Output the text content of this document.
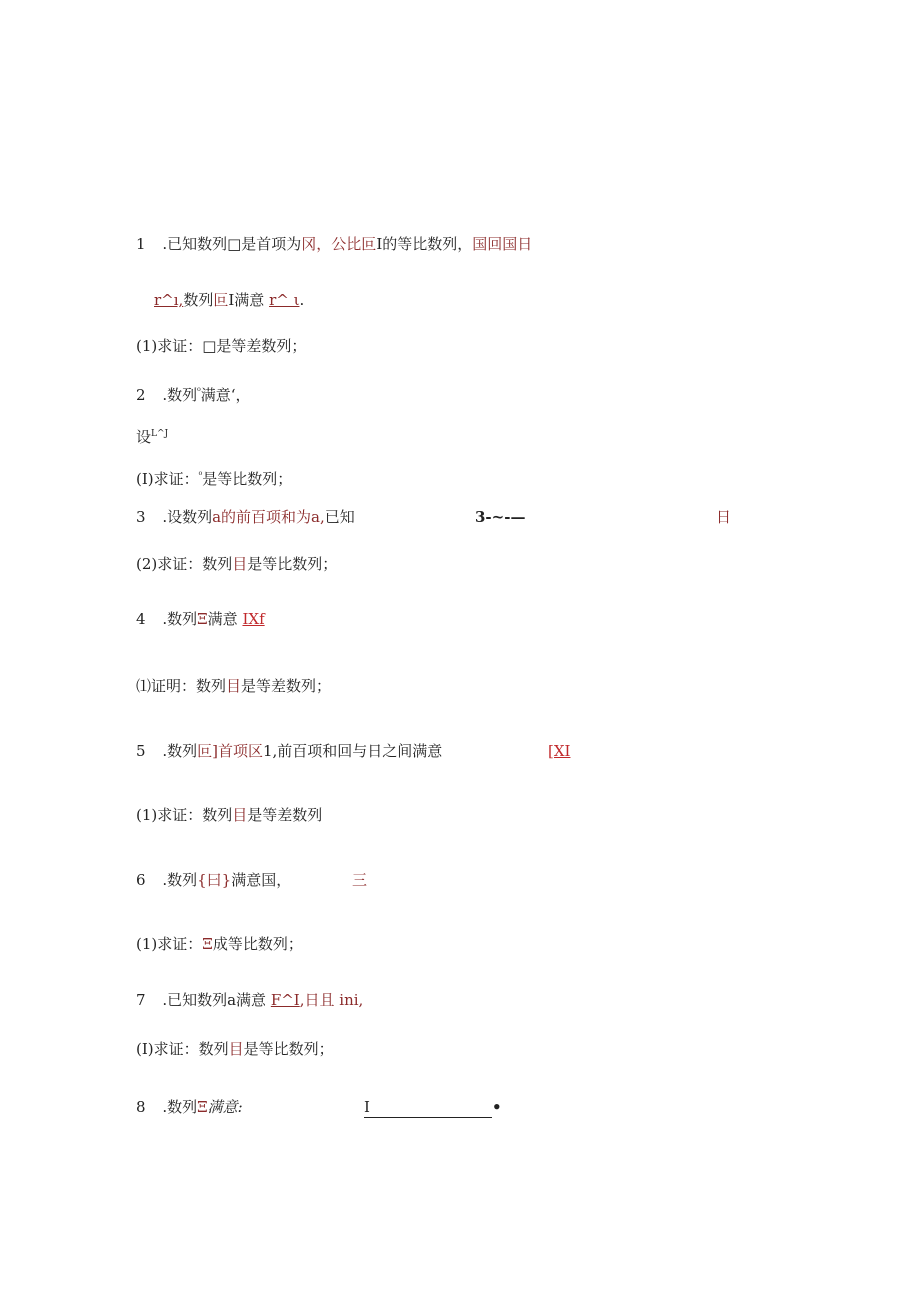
1 .已知数列□是首项为冈，公比叵I的等比数列，国回国日
r^ı,数列叵I满意 r^ ι.
(1)求证：□是等差数列；
2 .数列$^{^0}$满意‘，
设$^{L\^{}J}$
(I)求证：$^{^0}$是等比数列；
3 .设数列a的前百项和为a,已知	3-~-—	日
(2)求证：数列目是等比数列；
4 .数列Ξ满意 IXf
⑴证明：数列目是等差数列；
5 .数列叵]首项区1,前百项和回与日之间满意	[XI
(1)求证：数列目是等差数列
6 .数列{曰}满意国，	三
(1)求证：Ξ成等比数列；
7 .已知数列a满意 F^I,日且 ini,
(I)求证：数列目是等比数列；
8 .数列Ξ满意:	I	•
